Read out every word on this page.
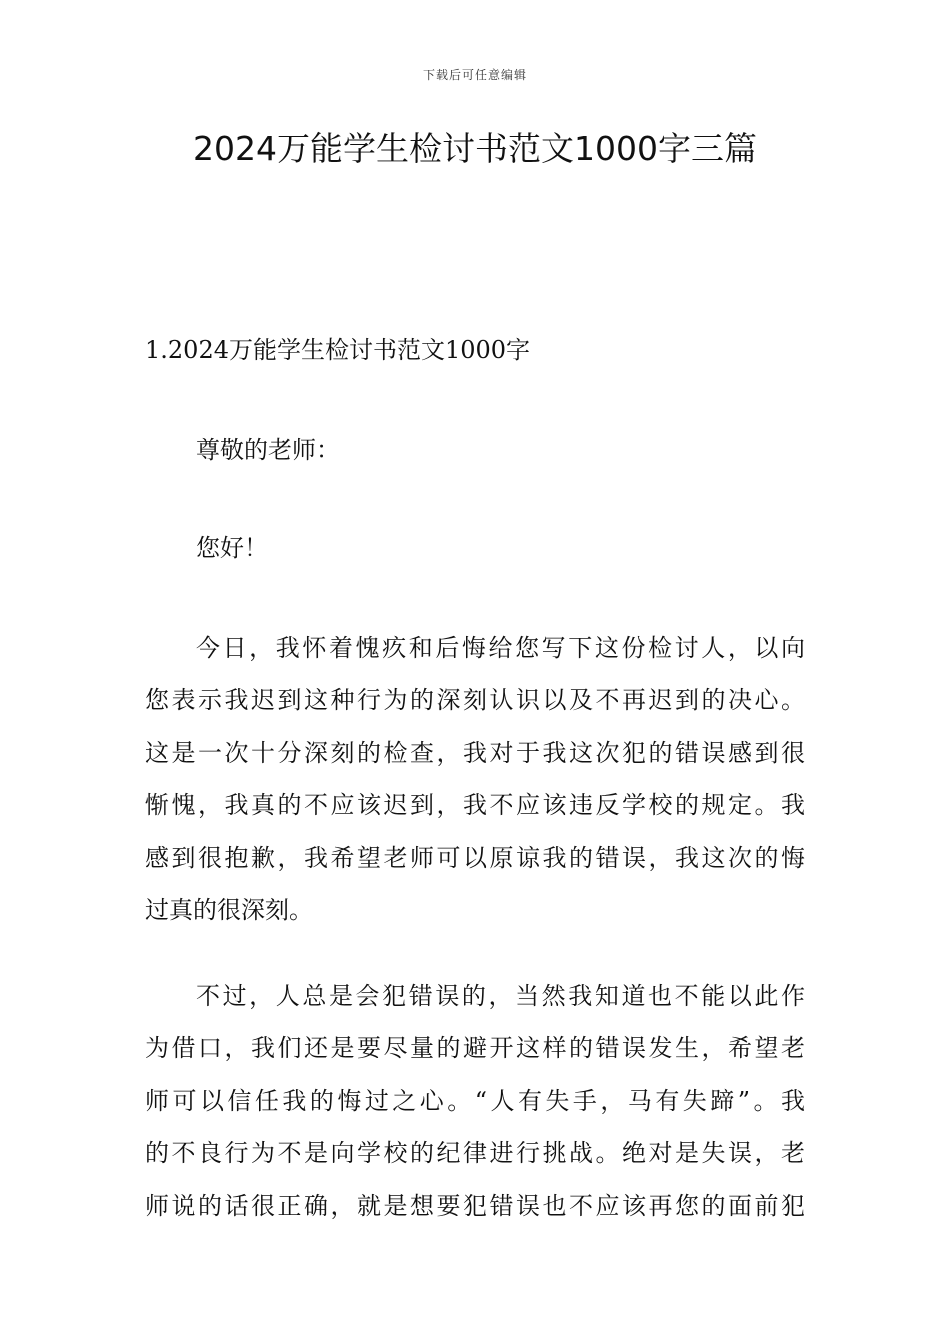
下载后可任意编辑
2024万能学生检讨书范文1000字三篇
1.2024万能学生检讨书范文1000字

尊敬的老师：

您好！

今日，我怀着愧疚和后悔给您写下这份检讨人，以向
您表示我迟到这种行为的深刻认识以及不再迟到的决心。
这是一次十分深刻的检查，我对于我这次犯的错误感到很
惭愧，我真的不应该迟到，我不应该违反学校的规定。我
感到很抱歉，我希望老师可以原谅我的错误，我这次的悔
过真的很深刻。

不过，人总是会犯错误的，当然我知道也不能以此作
为借口，我们还是要尽量的避开这样的错误发生，希望老
师可以信任我的悔过之心。“人有失手，马有失蹄”。我
的不良行为不是向学校的纪律进行挑战。绝对是失误，老
师说的话很正确，就是想要犯错误也不应该再您的面前犯
